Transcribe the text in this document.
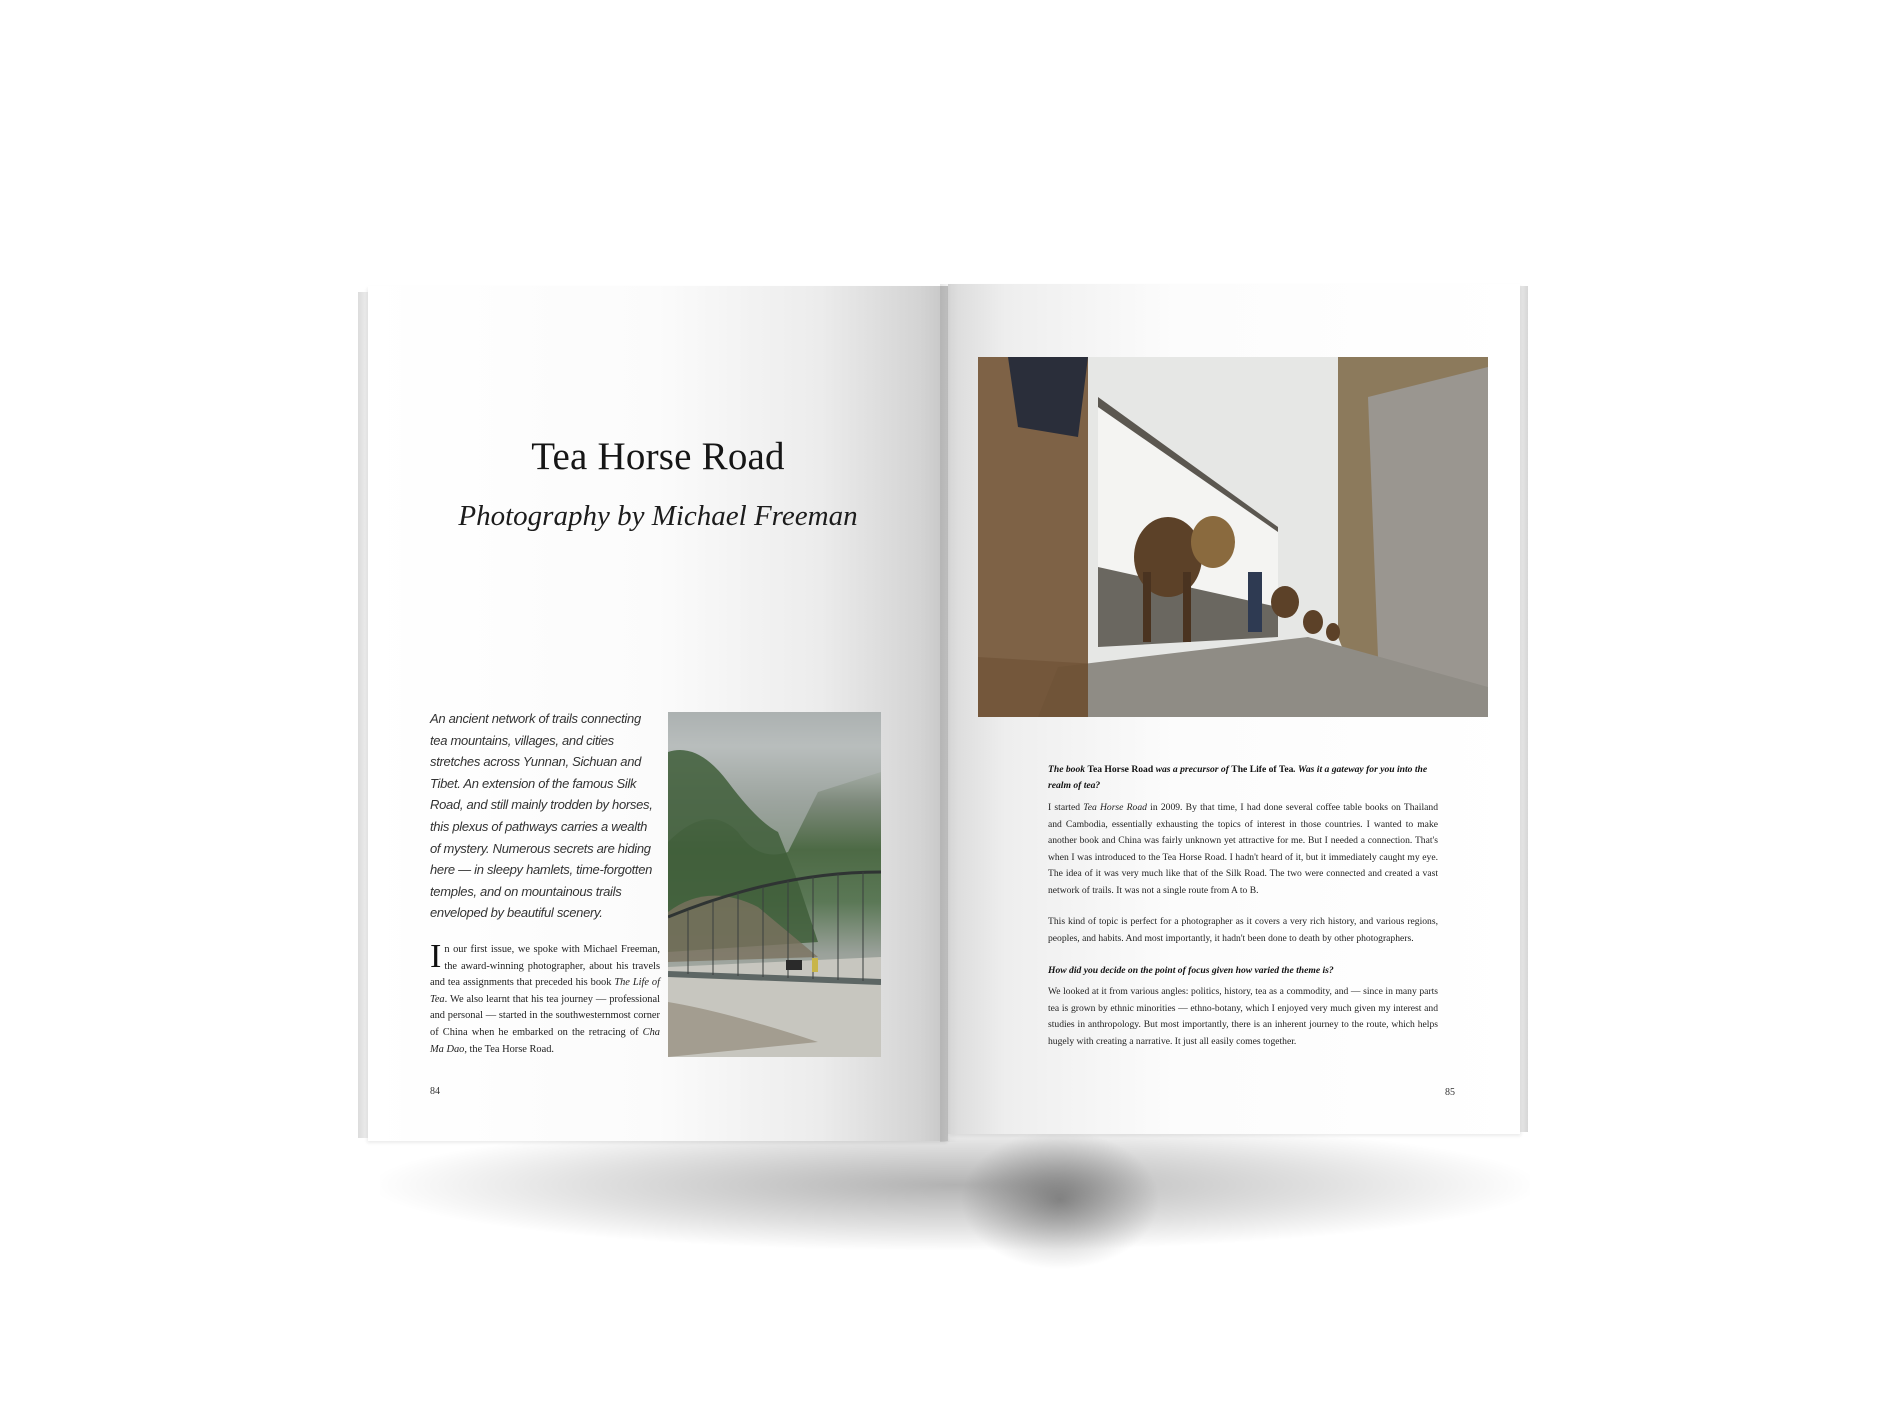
Tea Horse Road
Photography by Michael Freeman
An ancient network of trails connecting tea mountains, villages, and cities stretches across Yunnan, Sichuan and Tibet. An extension of the famous Silk Road, and still mainly trodden by horses, this plexus of pathways carries a wealth of mystery. Numerous secrets are hiding here — in sleepy hamlets, time-forgotten temples, and on mountainous trails enveloped by beautiful scenery.
In our first issue, we spoke with Michael Freeman, the award-winning photographer, about his travels and tea assignments that preceded his book The Life of Tea. We also learnt that his tea journey — professional and personal — started in the southwesternmost corner of China when he embarked on the retracing of Cha Ma Dao, the Tea Horse Road.
84
The book Tea Horse Road was a precursor of The Life of Tea. Was it a gateway for you into the realm of tea?
I started Tea Horse Road in 2009. By that time, I had done several coffee table books on Thailand and Cambodia, essentially exhausting the topics of interest in those countries. I wanted to make another book and China was fairly unknown yet attractive for me. But I needed a connection. That's when I was introduced to the Tea Horse Road. I hadn't heard of it, but it immediately caught my eye. The idea of it was very much like that of the Silk Road. The two were connected and created a vast network of trails. It was not a single route from A to B.
This kind of topic is perfect for a photographer as it covers a very rich history, and various regions, peoples, and habits. And most importantly, it hadn't been done to death by other photographers.
How did you decide on the point of focus given how varied the theme is?
We looked at it from various angles: politics, history, tea as a commodity, and — since in many parts tea is grown by ethnic minorities — ethno-botany, which I enjoyed very much given my interest and studies in anthropology. But most importantly, there is an inherent journey to the route, which helps hugely with creating a narrative. It just all easily comes together.
85
